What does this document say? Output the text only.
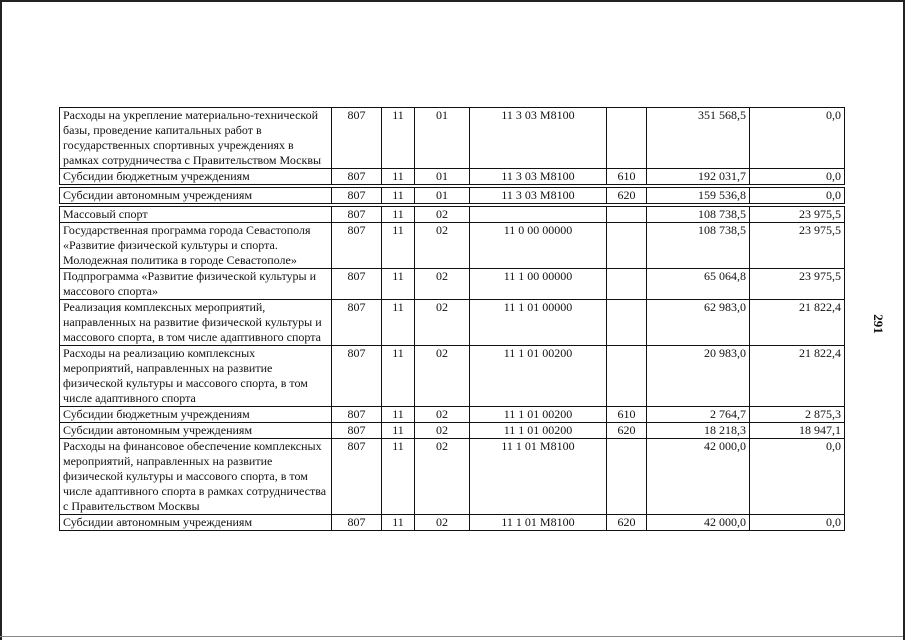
Расходы на укрепление материально-технической базы, проведение капитальных работ в государственных спортивных учреждениях в рамках сотрудничества с Правительством Москвы	807	11	01	11 3 03 M8100		351 568,5	0,0
Субсидии бюджетным учреждениям	807	11	01	11 3 03 M8100	610	192 031,7	0,0

Субсидии автономным учреждениям	807	11	01	11 3 03 M8100	620	159 536,8	0,0

Массовый спорт	807	11	02			108 738,5	23 975,5
Государственная программа города Севастополя «Развитие физической культуры и спорта. Молодежная политика в городе Севастополе»	807	11	02	11 0 00 00000		108 738,5	23 975,5
Подпрограмма «Развитие физической культуры и массового спорта»	807	11	02	11 1 00 00000		65 064,8	23 975,5
Реализация комплексных мероприятий, направленных на развитие физической культуры и массового спорта, в том числе адаптивного спорта	807	11	02	11 1 01 00000		62 983,0	21 822,4
Расходы на реализацию комплексных мероприятий, направленных на развитие физической культуры и массового спорта, в том числе адаптивного спорта	807	11	02	11 1 01 00200		20 983,0	21 822,4
Субсидии бюджетным учреждениям	807	11	02	11 1 01 00200	610	2 764,7	2 875,3
Субсидии автономным учреждениям	807	11	02	11 1 01 00200	620	18 218,3	18 947,1
Расходы на финансовое обеспечение комплексных мероприятий, направленных на развитие физической культуры и массового спорта, в том числе адаптивного спорта в рамках сотрудничества с Правительством Москвы	807	11	02	11 1 01 M8100		42 000,0	0,0
Субсидии автономным учреждениям	807	11	02	11 1 01 M8100	620	42 000,0	0,0
291
